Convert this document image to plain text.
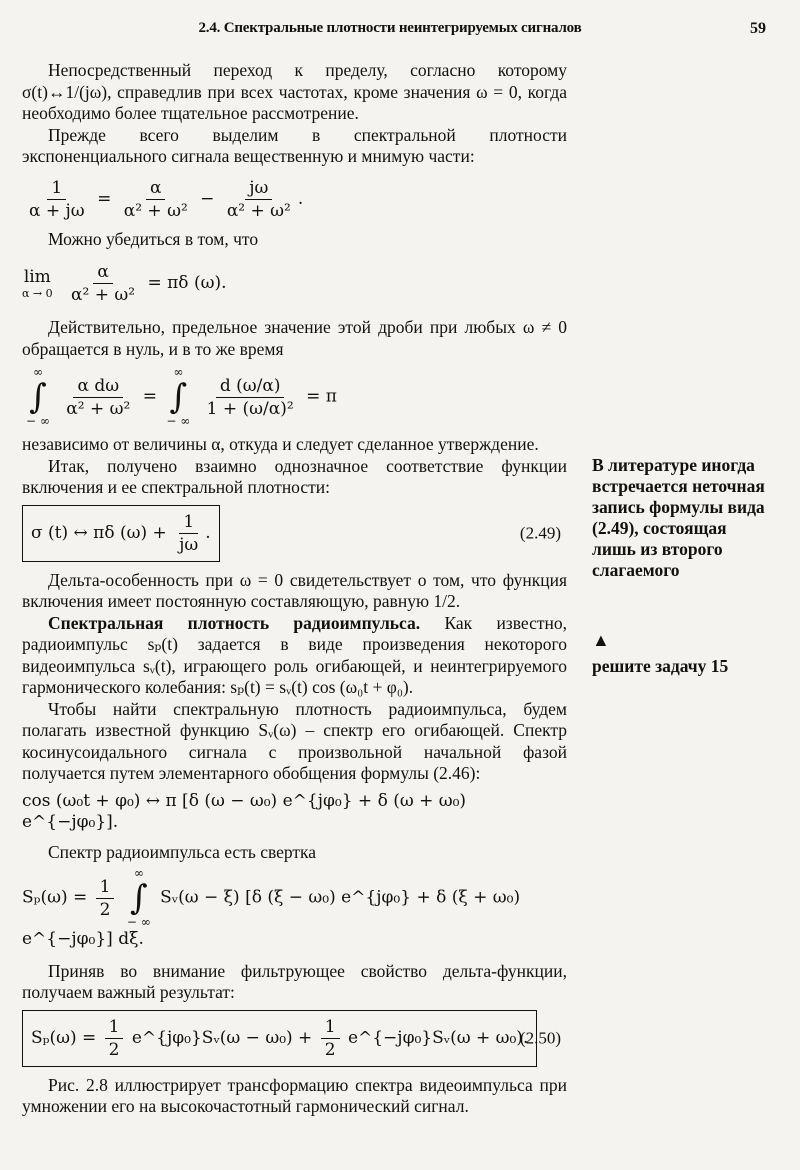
2.4. Спектральные плотности неинтегрируемых сигналов	59

Непосредственный переход к пределу, согласно которому σ(t)↔1/(jω), справедлив при всех частотах, кроме значения ω = 0, когда необходимо более тщательное рассмотрение.

Прежде всего выделим в спектральной плотности экспоненциального сигнала вещественную и мнимую части:

$\frac{1}{\alpha + j\omega} = \frac{\alpha}{\text{α² + ω²}} - \frac{j\omega}{\text{α² + ω²}}$ .

Можно убедиться в том, что

lim
α → 0
$\frac{\alpha}{\text{α² + ω²}} = \pi\delta$ (ω).

Действительно, предельное значение этой дроби при любых ω ≠ 0 обращается в нуль, и в то же время

∞
∫
− ∞

$\frac{\text{α dω}}{\text{α² + ω²}}$ =
∞
∫
− ∞

$\frac{d (\omega/\alpha)}{\text{1 + (ω/α)²}} = \pi$

независимо от величины α, откуда и следует сделанное утверждение.

Итак, получено взаимно однозначное соответствие функции включения и ее спектральной плотности:

σ (t) ↔ πδ $(\omega) + \frac{1}{j\omega}$ .	(2.49)

Дельта-особенность при ω = 0 свидетельствует о том, что функция включения имеет постоянную составляющую, равную 1/2.

Спектральная плотность радиоимпульса. Как известно, радиоимпульс sₚ(t) задается в виде произведения некоторого видеоимпульса sᵥ(t), играющего роль огибающей, и неинтегрируемого гармонического колебания: sₚ(t) = sᵥ(t) cos (ω₀t + φ₀).

Чтобы найти спектральную плотность радиоимпульса, будем полагать известной функцию Sᵥ(ω) – спектр его огибающей. Спектр косинусоидального сигнала с произвольной начальной фазой получается путем элементарного обобщения формулы (2.46):

cos (ω₀t + φ₀) ↔ π [δ (ω − ω₀) e^{jφ₀} + δ (ω + ω₀) e^{−jφ₀}].

Спектр радиоимпульса есть свертка

$S_p(\omega) = \frac{1}{2}$

∞
∫
− ∞
Sᵥ(ω − ξ) [δ (ξ − ω₀) e^{jφ₀} + δ (ξ + ω₀) e^{−jφ₀}] dξ.

Приняв во внимание фильтрующее свойство дельта-функции, получаем важный результат:

$S_p(\omega) = \frac{1}{2}$ e^{jφ₀}Sᵥ(ω − $\omega_0) + \frac{1}{2}$ e^{−jφ₀}Sᵥ(ω + ω₀).
(2.50)

Рис. 2.8 иллюстрирует трансформацию спектра видеоимпульса при умножении его на высокочастотный гармонический сигнал.

В литературе иногда встречается неточная запись формулы вида (2.49), состоящая лишь из второго слагаемого
▲
решите задачу 15
